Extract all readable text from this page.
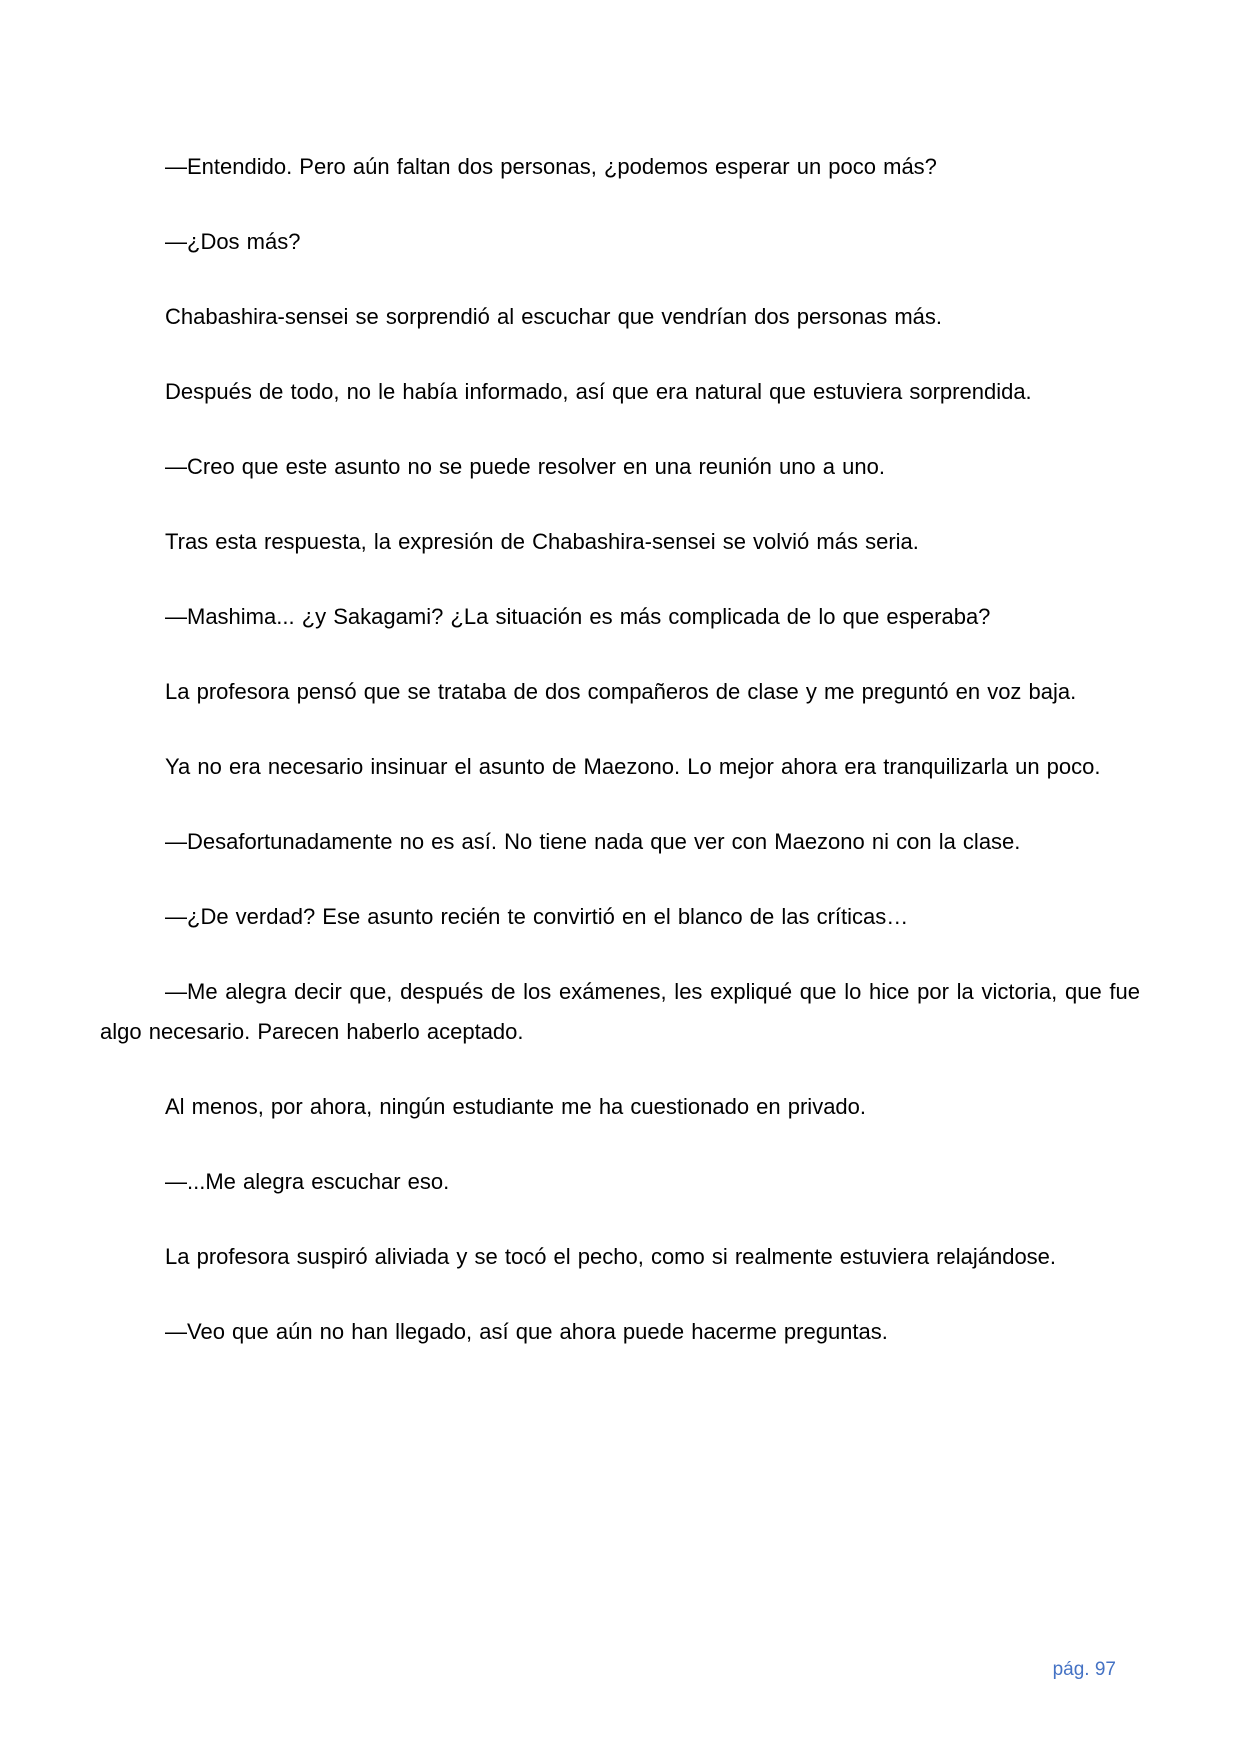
—Entendido. Pero aún faltan dos personas, ¿podemos esperar un poco más?

—¿Dos más?

Chabashira-sensei se sorprendió al escuchar que vendrían dos personas más.

Después de todo, no le había informado, así que era natural que estuviera sorprendida.

—Creo que este asunto no se puede resolver en una reunión uno a uno.

Tras esta respuesta, la expresión de Chabashira-sensei se volvió más seria.

—Mashima... ¿y Sakagami? ¿La situación es más complicada de lo que esperaba?

La profesora pensó que se trataba de dos compañeros de clase y me preguntó en voz baja.

Ya no era necesario insinuar el asunto de Maezono. Lo mejor ahora era tranquilizarla un poco.

—Desafortunadamente no es así. No tiene nada que ver con Maezono ni con la clase.

—¿De verdad? Ese asunto recién te convirtió en el blanco de las críticas…

—Me alegra decir que, después de los exámenes, les expliqué que lo hice por la victoria, que fue algo necesario. Parecen haberlo aceptado.

Al menos, por ahora, ningún estudiante me ha cuestionado en privado.

—...Me alegra escuchar eso.

La profesora suspiró aliviada y se tocó el pecho, como si realmente estuviera relajándose.

—Veo que aún no han llegado, así que ahora puede hacerme preguntas.

pág. 97
